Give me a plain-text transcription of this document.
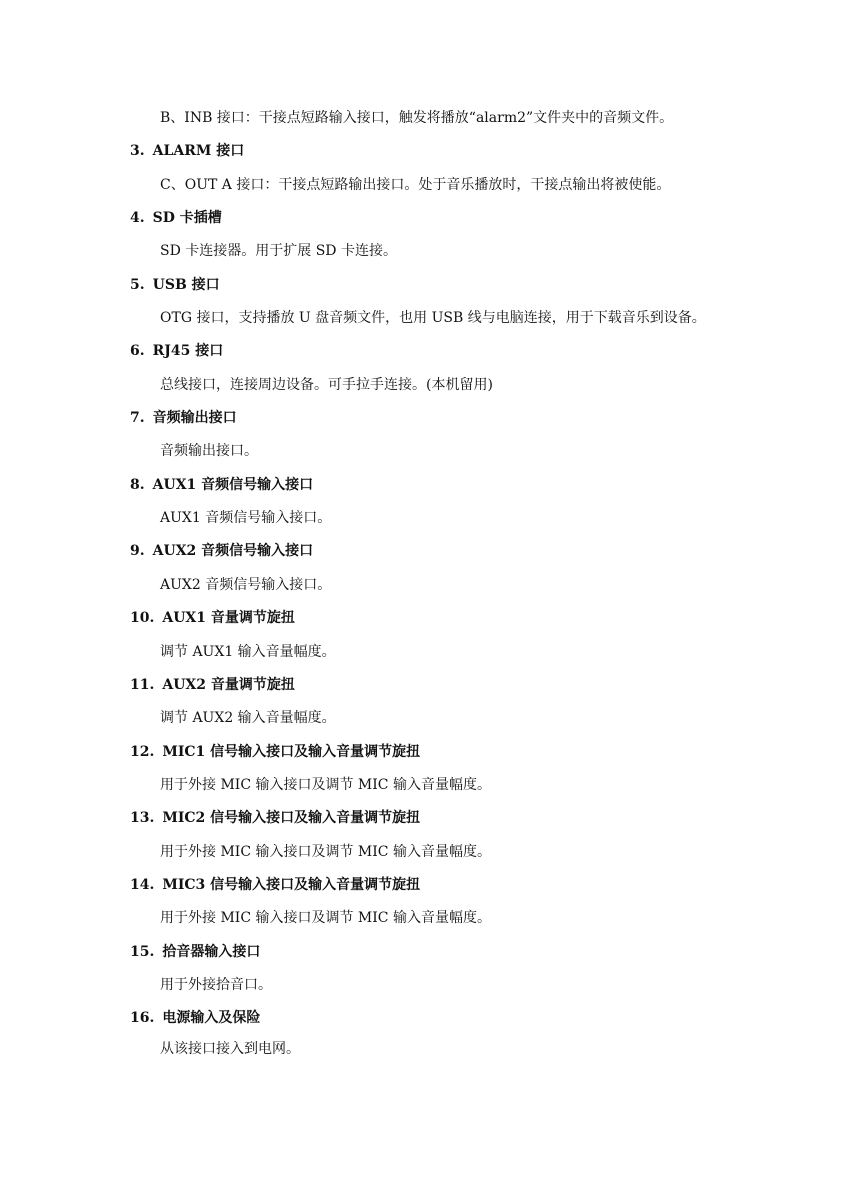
B、INB 接口：干接点短路输入接口，触发将播放“alarm2”文件夹中的音频文件。
3. ALARM 接口
C、OUT A 接口：干接点短路输出接口。处于音乐播放时，干接点输出将被使能。
4. SD 卡插槽
SD 卡连接器。用于扩展 SD 卡连接。
5. USB 接口
OTG 接口，支持播放 U 盘音频文件，也用 USB 线与电脑连接，用于下载音乐到设备。
6. RJ45 接口
总线接口，连接周边设备。可手拉手连接。(本机留用)
7. 音频输出接口
音频输出接口。
8. AUX1 音频信号输入接口
AUX1 音频信号输入接口。
9. AUX2 音频信号输入接口
AUX2 音频信号输入接口。
10. AUX1 音量调节旋扭
调节 AUX1 输入音量幅度。
11. AUX2 音量调节旋扭
调节 AUX2 输入音量幅度。
12. MIC1 信号输入接口及输入音量调节旋扭
用于外接 MIC 输入接口及调节 MIC 输入音量幅度。
13. MIC2 信号输入接口及输入音量调节旋扭
用于外接 MIC 输入接口及调节 MIC 输入音量幅度。
14. MIC3 信号输入接口及输入音量调节旋扭
用于外接 MIC 输入接口及调节 MIC 输入音量幅度。
15. 拾音器输入接口
用于外接拾音口。
16. 电源输入及保险
从该接口接入到电网。
